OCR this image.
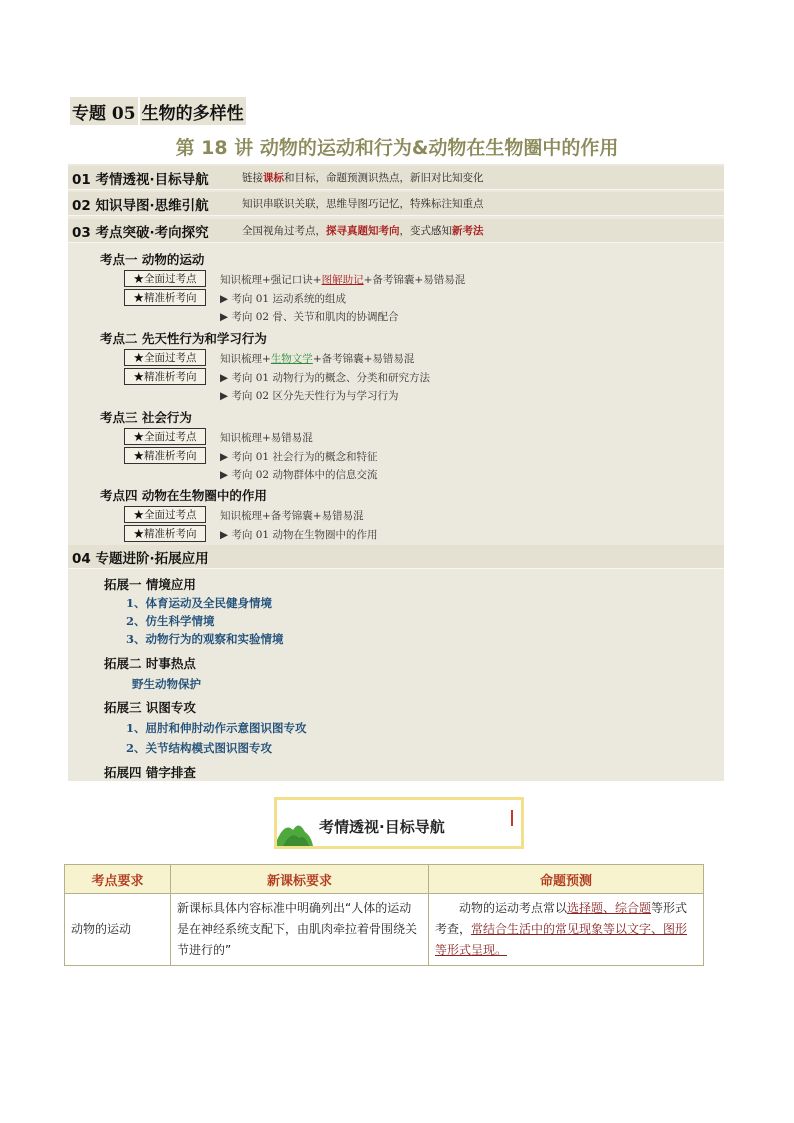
专题 05 生物的多样性
第 18 讲 动物的运动和行为&动物在生物圈中的作用
01 考情透视·目标导航	链接课标和目标，命题预测识热点，新旧对比知变化
02 知识导图·思维引航	知识串联识关联，思维导图巧记忆，特殊标注知重点
03 考点突破·考向探究	全国视角过考点，探寻真题知考向，变式感知新考法
考点一 动物的运动
★全面过考点	知识梳理+强记口诀+图解助记+备考锦囊+易错易混
★精准析考向	▶ 考向 01 运动系统的组成
▶ 考向 02 骨、关节和肌肉的协调配合
考点二 先天性行为和学习行为
★全面过考点	知识梳理+生物文学+备考锦囊+易错易混
★精准析考向	▶ 考向 01 动物行为的概念、分类和研究方法
▶ 考向 02 区分先天性行为与学习行为
考点三 社会行为
★全面过考点	知识梳理+易错易混
★精准析考向	▶ 考向 01 社会行为的概念和特征
▶ 考向 02 动物群体中的信息交流
考点四 动物在生物圈中的作用
★全面过考点	知识梳理+备考锦囊+易错易混
★精准析考向	▶ 考向 01 动物在生物圈中的作用
04 专题进阶·拓展应用
拓展一 情境应用
1、体育运动及全民健身情境
2、仿生科学情境
3、动物行为的观察和实验情境
拓展二 时事热点
野生动物保护
拓展三 识图专攻
1、屈肘和伸肘动作示意图识图专攻
2、关节结构模式图识图专攻
拓展四 错字排查
考情透视·目标导航
考点要求	新课标要求	命题预测
动物的运动	新课标具体内容标准中明确列出“人体的运动是在神经系统支配下，由肌肉牵拉着骨围绕关节进行的”	动物的运动考点常以选择题、综合题等形式考查，常结合生活中的常见现象等以文字、图形等形式呈现。
